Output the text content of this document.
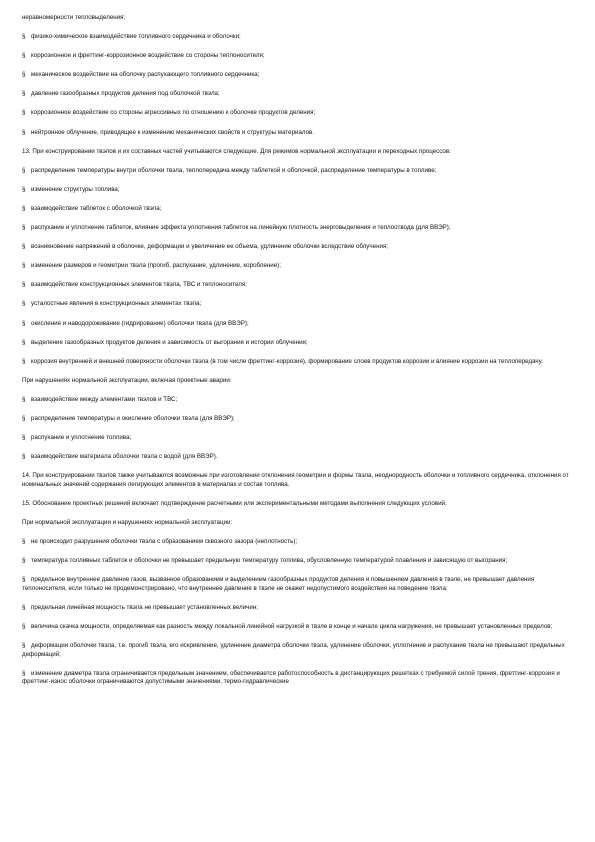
неравномерности тепловыделения;
§ физико-химическое взаимодействие топливного сердечника и оболочки;
§ коррозионное и фреттинг-коррозионное воздействие со стороны теплоносителя;
§ механическое воздействие на оболочку распухающего топливного сердечника;
§ давление газообразных продуктов деления под оболочкой твэла;
§ коррозионное воздействие со стороны агрессивных по отношению к оболочке продуктов деления;
§ нейтронное облучение, приводящее к изменению механических свойств и структуры материалов.
13. При конструировании твэлов и их составных частей учитываются следующие. Для режимов нормальной эксплуатации и переходных процессов:
§ распределение температуры внутри оболочки твэла, теплопередача между таблеткой и оболочкой, распределение температуры в топливе;
§ изменение структуры топлива;
§ взаимодействие таблеток с оболочкой твэла;
§ распухание и уплотнение таблеток, влияние эффекта уплотнения таблеток на линейную плотность энерговыделения и теплоотвода (для ВВЭР);
§ возникновение напряжений в оболочке, деформации и увеличение ее объема, удлинение оболочки вследствие облучения;
§ изменение размеров и геометрии твэла (прогиб, распухание, удлинение, коробление);
§ взаимодействие конструкционных элементов твэла, ТВС и теплоносителя;
§ усталостные явления в конструкционных элементах твэла;
§ окисление и наводороживание (гидрирование) оболочки твэла (для ВВЭР);
§ выделение газообразных продуктов деления и зависимость от выгорания и истории облучения;
§ коррозия внутренней и внешней поверхности оболочки твэла (в том числе фреттинг-коррозия), формирование слоев продуктов коррозии и влияние коррозии на теплопередачу.
При нарушениях нормальной эксплуатации, включая проектные аварии:
§ взаимодействие между элементами твэлов и ТВС;
§ распределение температуры и окисление оболочки твэла (для ВВЭР);
§ распухание и уплотнение топлива;
§ взаимодействие материала оболочки твэла с водой (для ВВЭР).
14. При конструировании твэлов также учитываются возможные при изготовлении отклонения геометрии и формы твэла, неоднородность оболочки и топливного сердечника, отклонения от номинальных значений содержания легирующих элементов в материалах и состав топлива.
15. Обоснование проектных решений включает подтверждение расчетными или экспериментальными методами выполнения следующих условий.
При нормальной эксплуатации и нарушениях нормальной эксплуатации:
§ не происходит разрушения оболочки твэла с образованием сквозного зазора (неплотность);
§ температура топливных таблеток и оболочки не превышает предельную температуру топлива, обусловленную температурой плавления и зависящую от выгорания;
§ предельное внутреннее давление газов, вызванное образованием и выделением газообразных продуктов деления и повышением давления в твэле, не превышает давления теплоносителя, если только не продемонстрировано, что внутреннее давление в твэле не окажет недопустимого воздействия на поведение твэла;
§ предельная линейная мощность твэла не превышает установленных величин;
§ величина скачка мощности, определяемая как разность между локальной линейной нагрузкой в твэле в конце и начале цикла нагружения, не превышает установленных пределов;
§ деформации оболочки твэла, т.е. прогиб твэла, его искривление, удлинение диаметра оболочки твэла, удлинение оболочки, уплотнение и распухание твэла не превышают предельных деформаций;
§ изменение диаметра твэла ограничивается предельным значением, обеспечивается работоспособность в дистанцирующих решетках с требуемой силой трения, фреттинг-коррозия и фреттинг-износ оболочки ограничиваются допустимыми значениями, термо-гидравлические
